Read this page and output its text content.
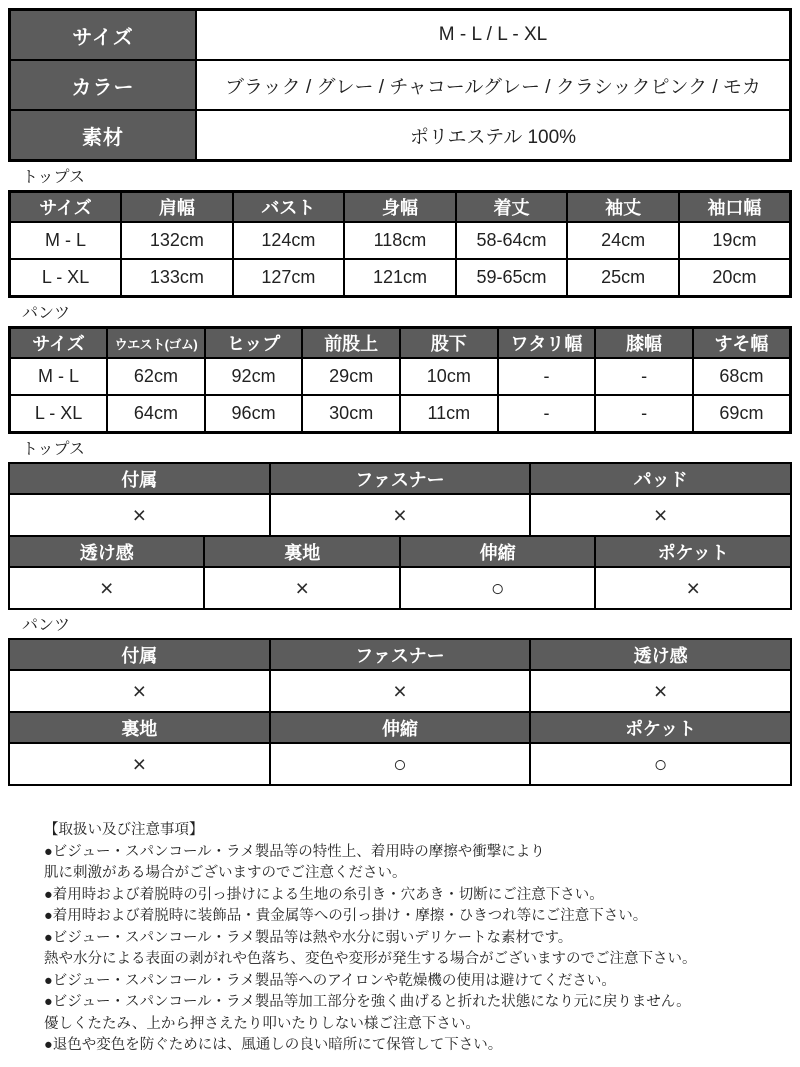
サイズ	M - L / L - XL
カラー	ブラック / グレー / チャコールグレー / クラシックピンク / モカ
素材	ポリエステル 100%
トップス
サイズ	肩幅	バスト	身幅	着丈	袖丈	袖口幅
M - L	132cm	124cm	118cm	58-64cm	24cm	19cm
L - XL	133cm	127cm	121cm	59-65cm	25cm	20cm
パンツ
サイズ	ウエスト(ゴム)	ヒップ	前股上	股下	ワタリ幅	膝幅	すそ幅
M - L	62cm	92cm	29cm	10cm	-	-	68cm
L - XL	64cm	96cm	30cm	11cm	-	-	69cm
トップス
付属		ファスナー		パッド	
×		×		×	
透け感	裏地		伸縮		ポケット
×	×		○		×
パンツ
付属	ファスナー	透け感
×	×	×
裏地	伸縮	ポケット
×	○	○
【取扱い及び注意事項】
●ビジュー・スパンコール・ラメ製品等の特性上、着用時の摩擦や衝撃により
肌に刺激がある場合がございますのでご注意ください。
●着用時および着脱時の引っ掛けによる生地の糸引き・穴あき・切断にご注意下さい。
●着用時および着脱時に装飾品・貴金属等への引っ掛け・摩擦・ひきつれ等にご注意下さい。
●ビジュー・スパンコール・ラメ製品等は熱や水分に弱いデリケートな素材です。
熱や水分による表面の剥がれや色落ち、変色や変形が発生する場合がございますのでご注意下さい。
●ビジュー・スパンコール・ラメ製品等へのアイロンや乾燥機の使用は避けてください。
●ビジュー・スパンコール・ラメ製品等加工部分を強く曲げると折れた状態になり元に戻りません。
優しくたたみ、上から押さえたり叩いたりしない様ご注意下さい。
●退色や変色を防ぐためには、風通しの良い暗所にて保管して下さい。
